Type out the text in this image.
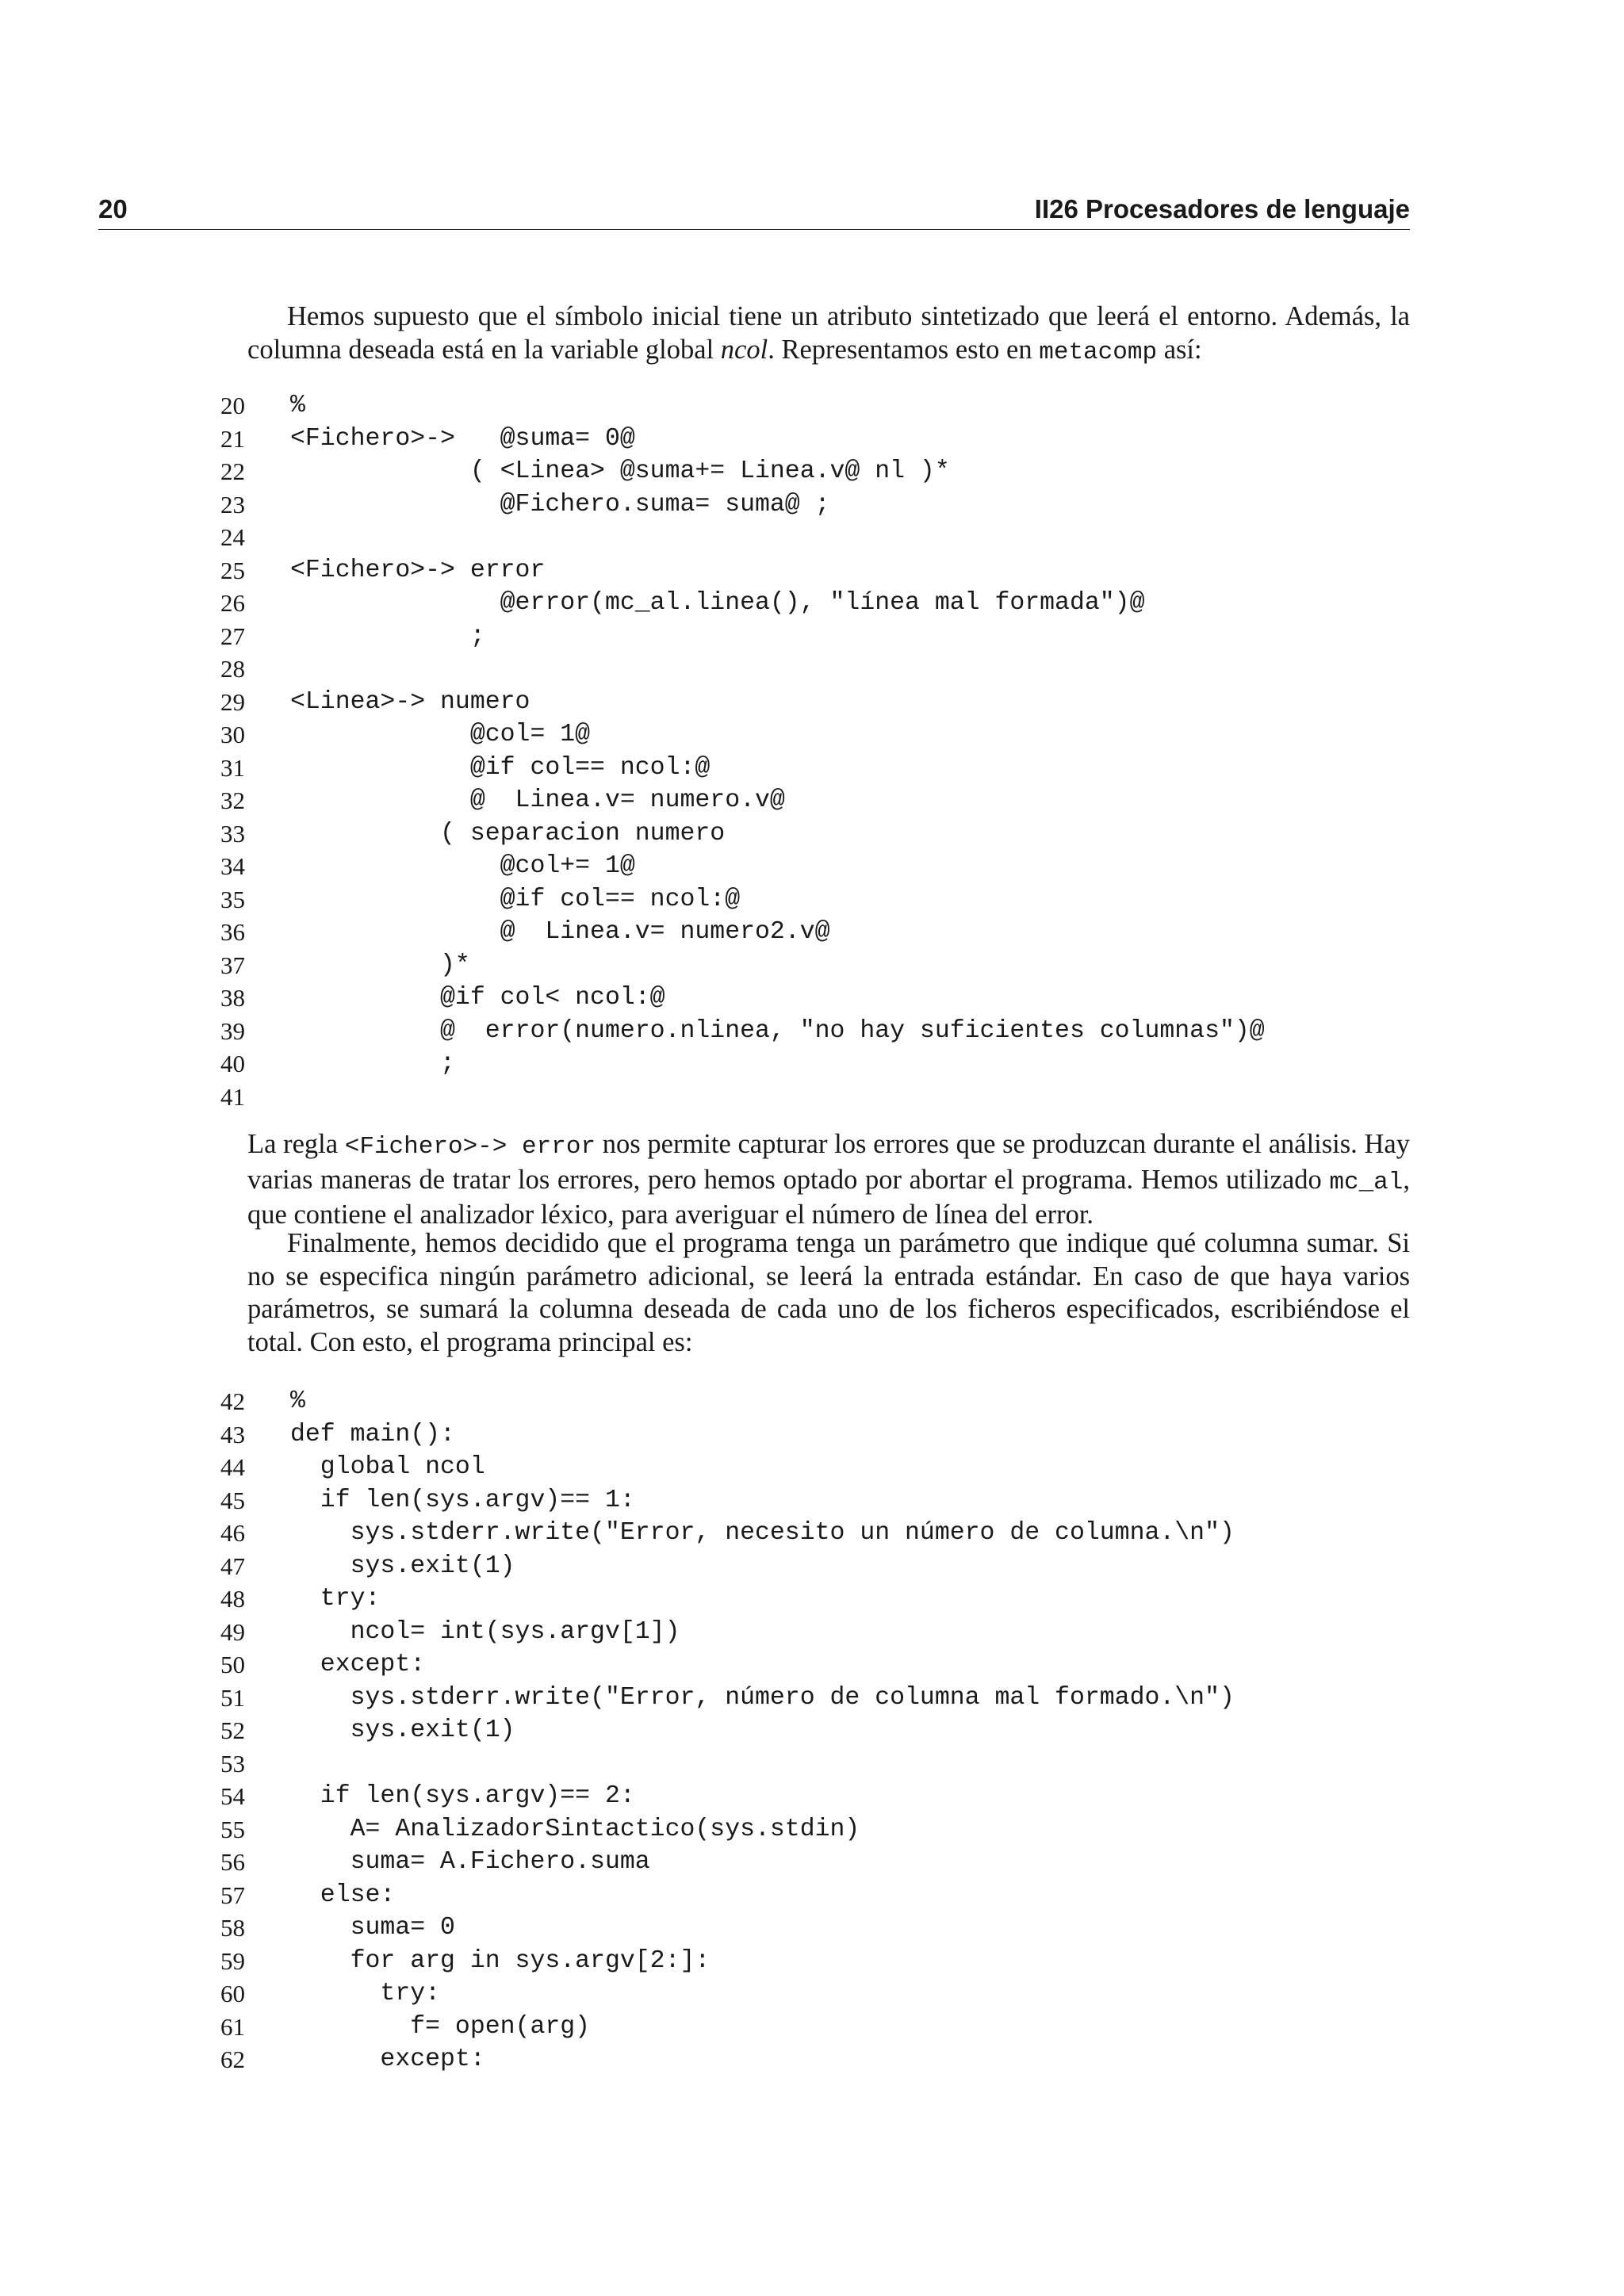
20	II26 Procesadores de lenguaje

Hemos supuesto que el símbolo inicial tiene un atributo sintetizado que leerá el entorno. Además, la columna deseada está en la variable global ncol. Representamos esto en metacomp así:

20 %
21 <Fichero>->   @suma= 0@
22 ( <Linea> @suma+= Linea.v@ nl )*
23 @Fichero.suma= suma@ ;
24
25 <Fichero>-> error
26 @error(mc_al.linea(), "línea mal formada")@
27 ;
28
29 <Linea>-> numero
30 @col= 1@
31 @if col== ncol:@
32 @  Linea.v= numero.v@
33 ( separacion numero
34 @col+= 1@
35 @if col== ncol:@
36 @  Linea.v= numero2.v@
37 )*
38 @if col< ncol:@
39 @  error(numero.nlinea, "no hay suficientes columnas")@
40 ;
41

La regla <Fichero>-> error nos permite capturar los errores que se produzcan durante el análisis. Hay varias maneras de tratar los errores, pero hemos optado por abortar el programa. Hemos utilizado mc_al, que contiene el analizador léxico, para averiguar el número de línea del error.

Finalmente, hemos decidido que el programa tenga un parámetro que indique qué columna sumar. Si no se especifica ningún parámetro adicional, se leerá la entrada estándar. En caso de que haya varios parámetros, se sumará la columna deseada de cada uno de los ficheros especificados, escribiéndose el total. Con esto, el programa principal es:

42 %
43 def main():
44 global ncol
45 if len(sys.argv)== 1:
46 sys.stderr.write("Error, necesito un número de columna.\n")
47 sys.exit(1)
48 try:
49 ncol= int(sys.argv[1])
50 except:
51 sys.stderr.write("Error, número de columna mal formado.\n")
52 sys.exit(1)
53
54 if len(sys.argv)== 2:
55 A= AnalizadorSintactico(sys.stdin)
56 suma= A.Fichero.suma
57 else:
58 suma= 0
59 for arg in sys.argv[2:]:
60 try:
61 f= open(arg)
62 except:
